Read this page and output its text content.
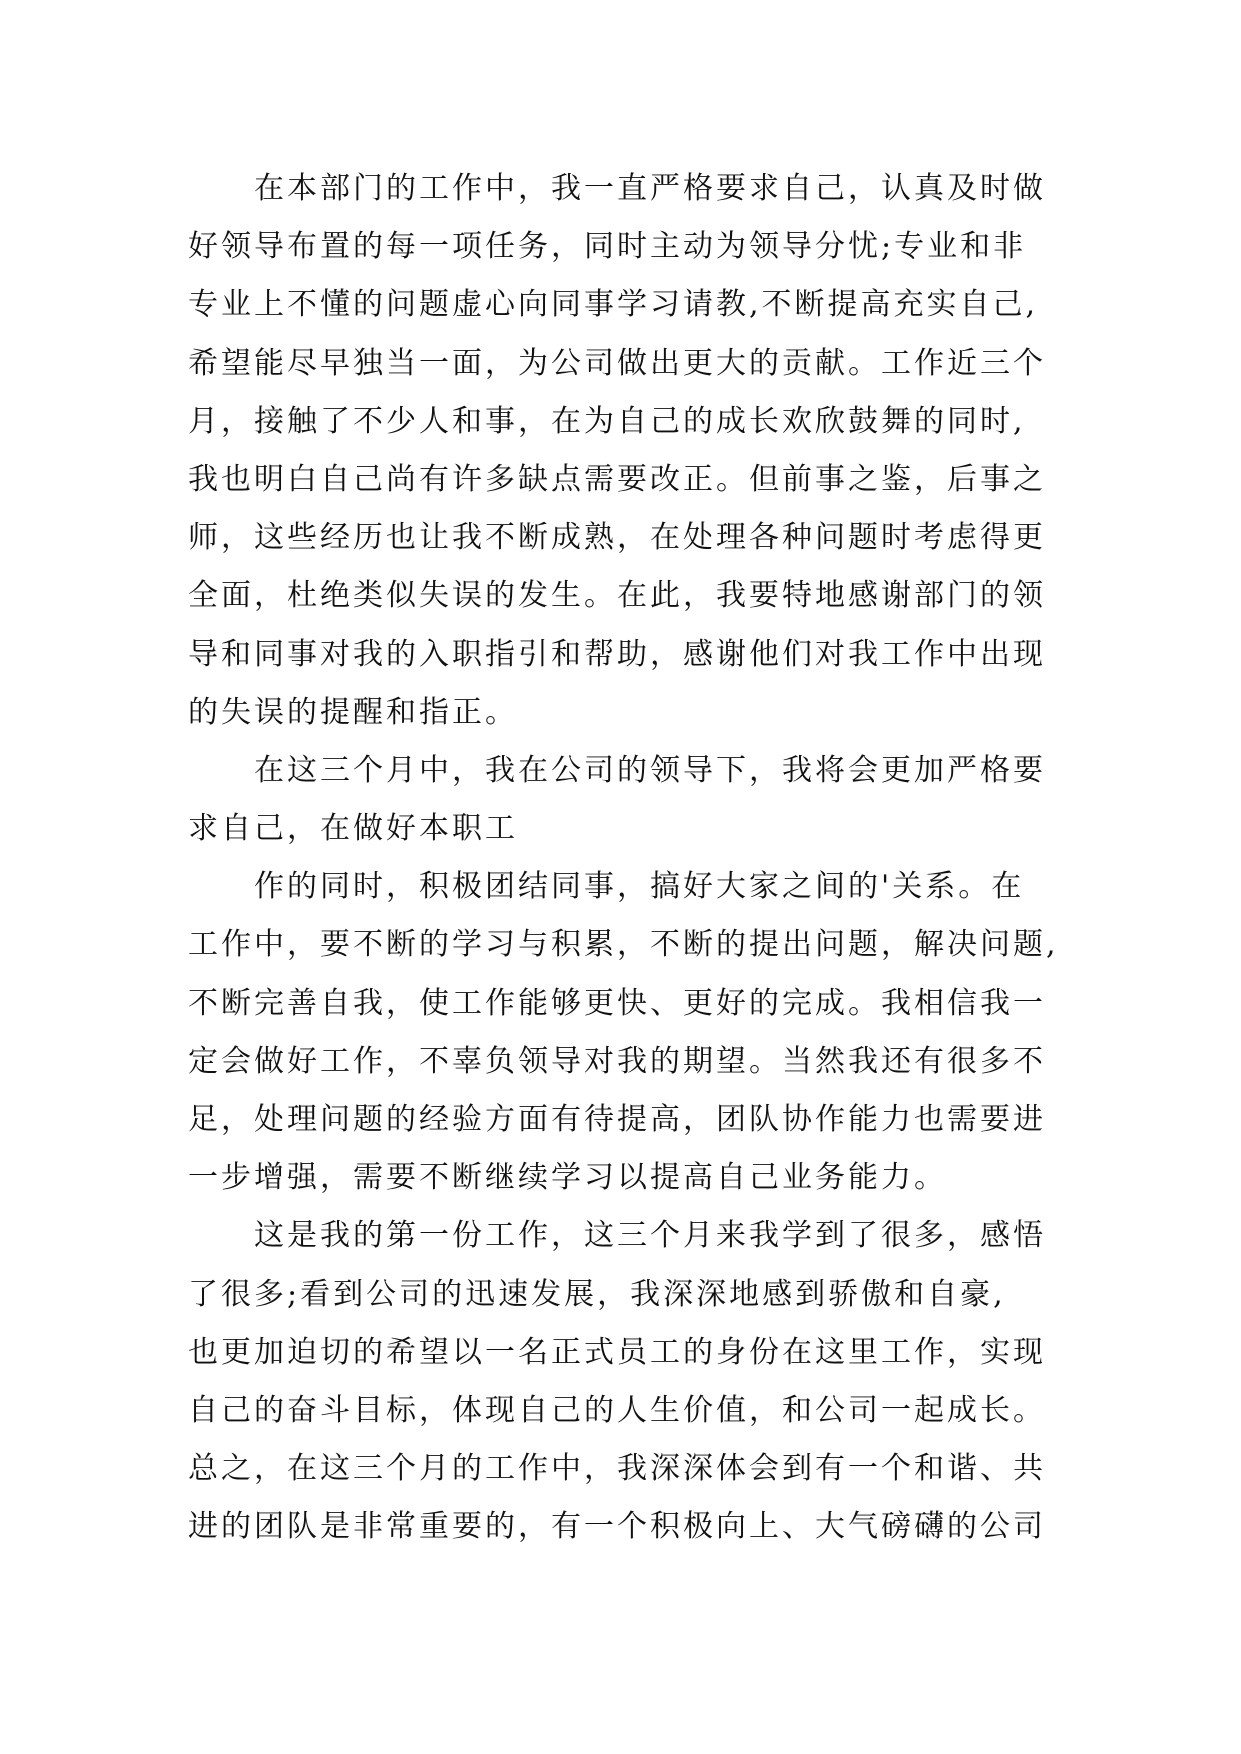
在本部门的工作中，我一直严格要求自己，认真及时做
好领导布置的每一项任务，同时主动为领导分忧;专业和非
专业上不懂的问题虚心向同事学习请教,不断提高充实自己,
希望能尽早独当一面，为公司做出更大的贡献。工作近三个
月，接触了不少人和事，在为自己的成长欢欣鼓舞的同时,
我也明白自己尚有许多缺点需要改正。但前事之鉴，后事之
师，这些经历也让我不断成熟，在处理各种问题时考虑得更
全面，杜绝类似失误的发生。在此，我要特地感谢部门的领
导和同事对我的入职指引和帮助，感谢他们对我工作中出现
的失误的提醒和指正。
在这三个月中，我在公司的领导下，我将会更加严格要
求自己，在做好本职工
作的同时，积极团结同事，搞好大家之间的'关系。在
工作中，要不断的学习与积累，不断的提出问题，解决问题,
不断完善自我，使工作能够更快、更好的完成。我相信我一
定会做好工作，不辜负领导对我的期望。当然我还有很多不
足，处理问题的经验方面有待提高，团队协作能力也需要进
一步增强，需要不断继续学习以提高自己业务能力。
这是我的第一份工作，这三个月来我学到了很多，感悟
了很多;看到公司的迅速发展，我深深地感到骄傲和自豪,
也更加迫切的希望以一名正式员工的身份在这里工作，实现
自己的奋斗目标，体现自己的人生价值，和公司一起成长。
总之，在这三个月的工作中，我深深体会到有一个和谐、共
进的团队是非常重要的，有一个积极向上、大气磅礴的公司
